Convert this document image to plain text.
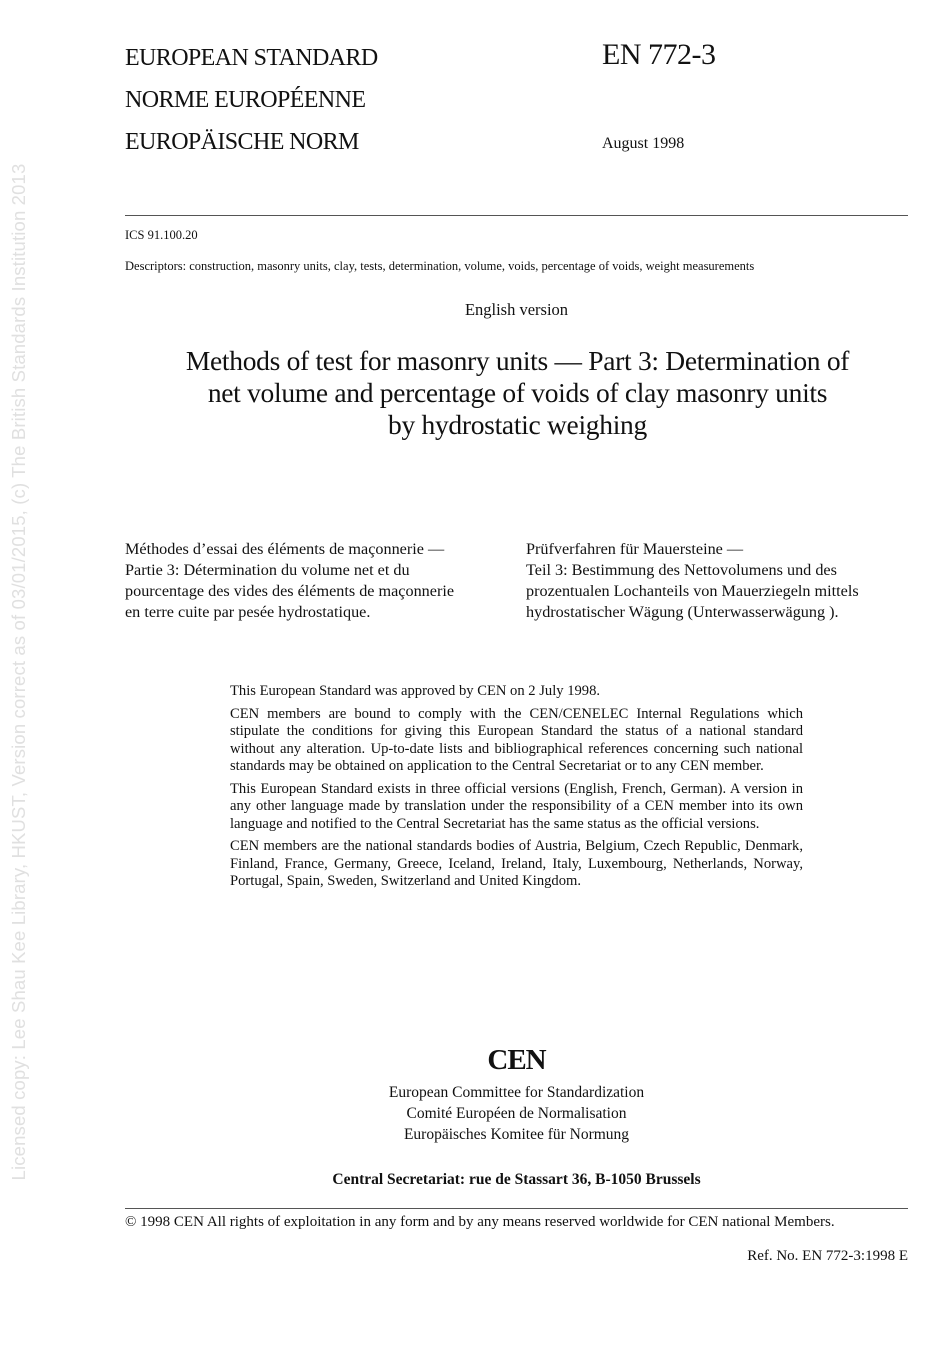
Licensed copy: Lee Shau Kee Library, HKUST, Version correct as of 03/01/2015, (c) The British Standards Institution 2013
EUROPEAN STANDARD
NORME EUROPÉENNE
EUROPÄISCHE NORM
EN 772-3
August 1998
ICS 91.100.20
Descriptors: construction, masonry units, clay, tests, determination, volume, voids, percentage of voids, weight measurements
English version
Methods of test for masonry units — Part 3: Determination of
net volume and percentage of voids of clay masonry units
by hydrostatic weighing
Méthodes d’essai des éléments de maçonnerie —
Partie 3: Détermination du volume net et du
pourcentage des vides des éléments de maçonnerie
en terre cuite par pesée hydrostatique.
Prüfverfahren für Mauersteine —
Teil 3: Bestimmung des Nettovolumens und des
prozentualen Lochanteils von Mauerziegeln mittels
hydrostatischer Wägung (Unterwasserwägung ).

This European Standard was approved by CEN on 2 July 1998.

CEN members are bound to comply with the CEN/CENELEC Internal Regulations which stipulate the conditions for giving this European Standard the status of a national standard without any alteration. Up-to-date lists and bibliographical references concerning such national standards may be obtained on application to the Central Secretariat or to any CEN member.

This European Standard exists in three official versions (English, French, German). A version in any other language made by translation under the responsibility of a CEN member into its own language and notified to the Central Secretariat has the same status as the official versions.

CEN members are the national standards bodies of Austria, Belgium, Czech Republic, Denmark, Finland, France, Germany, Greece, Iceland, Ireland, Italy, Luxembourg, Netherlands, Norway, Portugal, Spain, Sweden, Switzerland and United Kingdom.

CEN
European Committee for Standardization
Comité Européen de Normalisation
Europäisches Komitee für Normung
Central Secretariat: rue de Stassart 36, B-1050 Brussels
© 1998 CEN All rights of exploitation in any form and by any means reserved worldwide for CEN national Members.
Ref. No. EN 772-3:1998 E
